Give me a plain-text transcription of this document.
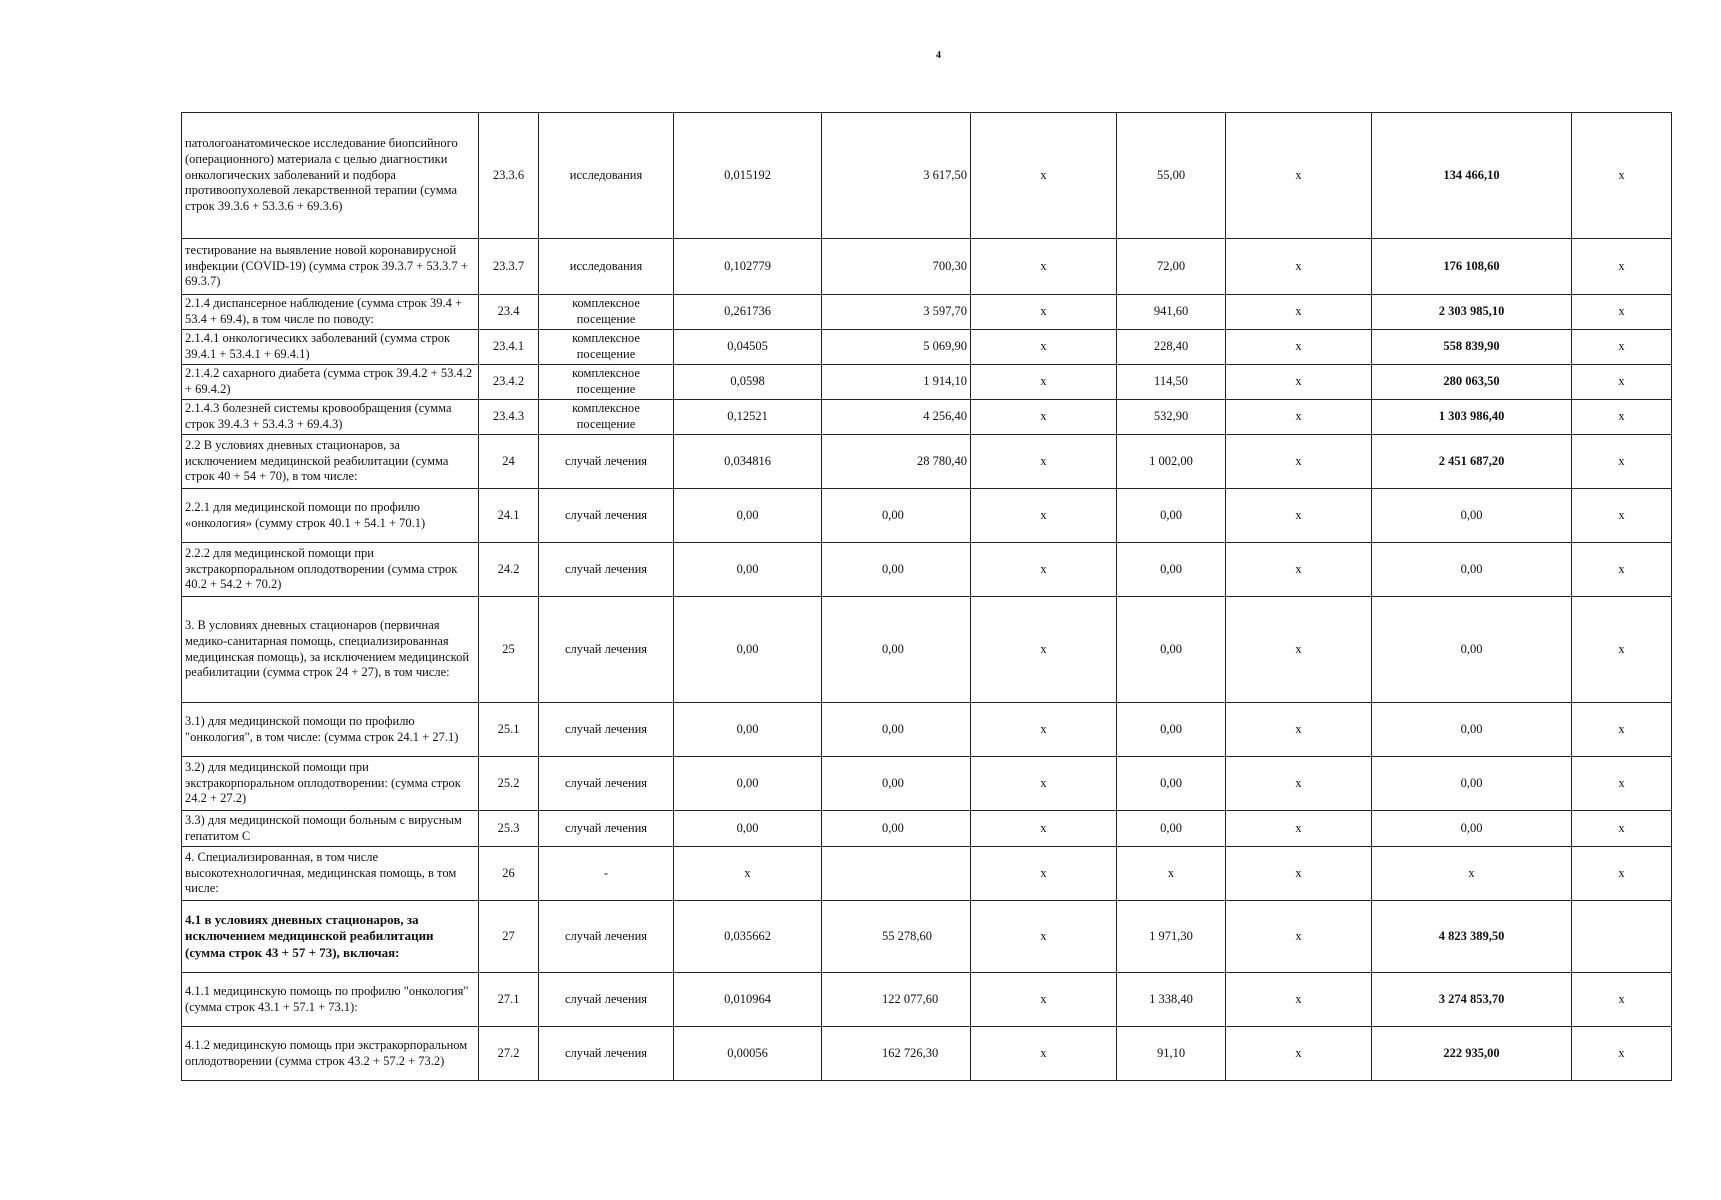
4
патологоанатомическое исследование биопсийного (операционного) материала с целью диагностики онкологических заболеваний и подбора противоопухолевой лекарственной терапии (сумма строк 39.3.6 + 53.3.6 + 69.3.6)	23.3.6	исследования	0,015192	3 617,50	х	55,00	х	134 466,10	х
тестирование на выявление новой коронавирусной инфекции (COVID-19) (сумма строк 39.3.7 + 53.3.7 + 69.3.7)	23.3.7	исследования	0,102779	700,30	х	72,00	х	176 108,60	х
2.1.4 диспансерное наблюдение (сумма строк 39.4 + 53.4 + 69.4), в том числе по поводу:	23.4	комплексное посещение	0,261736	3 597,70	х	941,60	х	2 303 985,10	х
2.1.4.1 онкологичесикх заболеваний (сумма строк 39.4.1 + 53.4.1 + 69.4.1)	23.4.1	комплексное посещение	0,04505	5 069,90	х	228,40	х	558 839,90	х
2.1.4.2 сахарного диабета (сумма строк 39.4.2 + 53.4.2 + 69.4.2)	23.4.2	комплексное посещение	0,0598	1 914,10	х	114,50	х	280 063,50	х
2.1.4.3 болезней системы кровообращения (сумма строк 39.4.3 + 53.4.3 + 69.4.3)	23.4.3	комплексное посещение	0,12521	4 256,40	х	532,90	х	1 303 986,40	х
2.2 В условиях дневных стационаров, за исключением медицинской реабилитации (сумма строк 40 + 54 + 70), в том числе:	24	случай лечения	0,034816	28 780,40	х	1 002,00	х	2 451 687,20	х
2.2.1 для медицинской помощи по профилю «онкология» (сумму строк 40.1 + 54.1 + 70.1)	24.1	случай лечения	0,00	0,00	х	0,00	х	0,00	х
2.2.2 для медицинской помощи при экстракорпоральном оплодотворении (сумма строк 40.2 + 54.2 + 70.2)	24.2	случай лечения	0,00	0,00	х	0,00	х	0,00	х
3. В условиях дневных стационаров (первичная медико-санитарная помощь, специализированная медицинская помощь), за исключением медицинской реабилитации (сумма строк 24 + 27), в том числе:	25	случай лечения	0,00	0,00	х	0,00	х	0,00	х
3.1) для медицинской помощи по профилю "онкология", в том числе: (сумма строк 24.1 + 27.1)	25.1	случай лечения	0,00	0,00	х	0,00	х	0,00	х
3.2) для медицинской помощи при экстракорпоральном оплодотворении: (сумма строк 24.2 + 27.2)	25.2	случай лечения	0,00	0,00	х	0,00	х	0,00	х
3.3) для медицинской помощи больным с вирусным гепатитом С	25.3	случай лечения	0,00	0,00	х	0,00	х	0,00	х
4. Специализированная, в том числе высокотехнологичная, медицинская помощь, в том числе:	26	-	х		х	х	х	х	х
4.1 в условиях дневных стационаров, за исключением медицинской реабилитации (сумма строк 43 + 57 + 73), включая:	27	случай лечения	0,035662	55 278,60	х	1 971,30	х	4 823 389,50	
4.1.1 медицинскую помощь по профилю "онкология" (сумма строк 43.1 + 57.1 + 73.1):	27.1	случай лечения	0,010964	122 077,60	х	1 338,40	х	3 274 853,70	х
4.1.2 медицинскую помощь при экстракорпоральном оплодотворении (сумма строк 43.2 + 57.2 + 73.2)	27.2	случай лечения	0,00056	162 726,30	х	91,10	х	222 935,00	х
